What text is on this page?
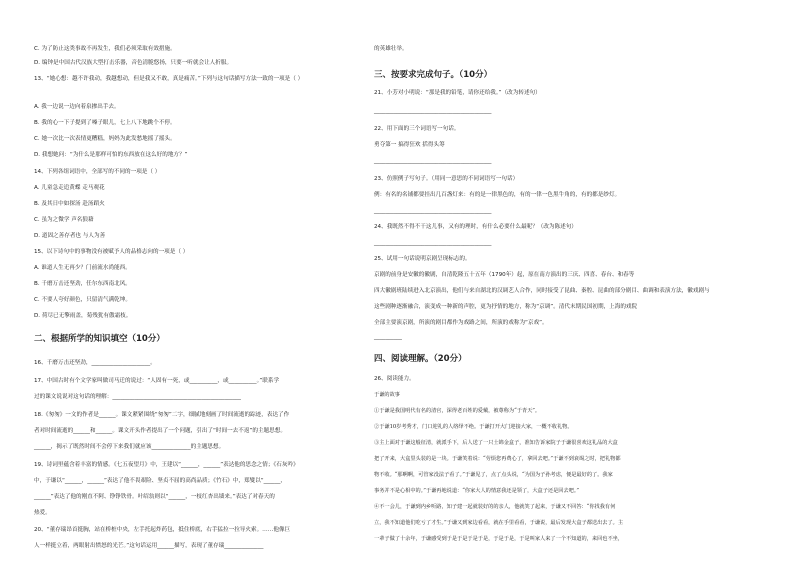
C. 为了防止这类事故不再发生，我们必须采取有效措施。
D. 编钟是中国古代汉族大型打击乐器，音色清脆悠扬，只要一听就会让人折服。
13、“她心想：越不许我动，我越想动，但是我又不敢，真是痛苦。”下列与这句话描写方法一致的一项是（ ）
A. 我一边说一边向着泉掺出手去。
B. 我的心一下子提到了嗓子眼儿，七上八下地跳个不停。
C. 她一次比一次表情更糟糕，妈妈为此发愁地摇了摇头。
D. 我想她问：“为什么是那样可怕的东西放在这么好的地方？”
14、下列各组词语中，全部写的不同的一项是（ ）
A. 儿童急走追黄蝶 走马观花
B. 及其日中如探汤 赴汤蹈火
C. 虽为之微学 声名狼藉
D. 道固之善存者也 与人为善
15、以下诗句中的事物没有被赋予人的品格志向的一项是（ ）
A. 谁道人生无再少？门前流水尚能西。
B. 千磨万击还坚劲，任尔东西南北风。
C. 不要人夸好颜色，只留清气满乾坤。
D. 荷尽已无擎雨盖，菊残犹有傲霜枝。
二、根据所学的知识填空（10分）
16、千磨万击还坚劲，_____________________。
17、中国古时有个文学家叫做司马迁的说过：“人固有一死，或__________，或__________。”联系学
过的课文说说对这句话的理解：______________________________________________
18.《匆匆》一文的作者是______。课文紧紧围绕“匆匆”二字，细腻地刻画了时间流逝的踪迹，表达了作
者对时间流逝的______和______。课文开头作者提出了一个问题，引出了“时间一去不返”的主题思想。
______，揭示了既然时间不会停下来我们就应该______________的主题思想。
19、诗词里蕴含着丰富的情感。《七五夜望月》中，王建以“______，______”表达他的思念之情；《石灰吟》
中，于谦以“______，______”表达了他不畏艰险、坚贞不屈的高尚品质；《竹石》中，郑燮以“______，
______”表达了他的刚直不阿、铮铮铁骨。叶绍翁则以“______，一枝红杏出墙来。”表达了对春天的
热爱。
20、“董存瑞昂首挺胸，站在桥桩中央，左手托起炸药包，抵住桥底，右手猛拉一拉导火索。……他像巨
人一样挺立着，两眼射出愤怒的光芒。”这句话运用______描写，表现了董存瑞______________
的英雄壮举。
三、按要求完成句子。（10分）
21、小芳对小明说：“那是我的铅笔，请你还给我。”（改为转述句）
__________________________________________
22、用下面的三个词语写一句话。
勇夺第一 搞得狂欢 括得头筹
__________________________________________
23、仿照例子写句子。（用同一意思的不同词语写一句话）
例：有名的名铺都要挂出几百盏灯来：有的是一律黑色的，有的一律一色黑牛角的，有的都是纱灯。
__________________________________________
24、我既然不得不干这儿事，又有的理时，有什么必要什么最呢？（改为陈述句）
__________________________________________
25、试用一句话说明京剧呈现标志的。
京剧的前身是安徽的徽剧，自清乾隆五十五年（1790年）起，原在南方演出的三庆、四喜、春台、和春等
四大徽剧班陆续进入北京演出，他们与来自湖北的汉调艺人合作，同时接受了昆曲、秦腔、昆曲的部分剧目、曲调和表演方法，徽戏剧与
这些剧种逐渐融合，演变成一种新的声腔，更为抒情的地方，称为“京调”。清代末期民国初期，上海的戏院
全部主要演京剧，所演的剧目都作为戏路之间，所演的戏称为“京戏”。
__________
四、阅读理解。（20分）
26、阅读能力。
于谦的故事
①于谦是我国明代有名的清官，深得老百姓的爱戴，被尊称为“于青天”。
②于谦10岁考秀才，门口迎礼的人络绎不绝。于谦打开大门迎接大家，一概不收礼物。
③主上面对于谦这般征清，就派手下，后人送了一只土锦金盒子，准知告诉家院子于谦很喜欢这礼品的大盒
把了开来，大盒里头装的是一块。于谦笑着说：“劳烦您再费心了，拿回去吧。”于谦不到衰竭之时，把礼物都
物不收。“那啊啊，可管家没法子看了。”于谦见了，点了点头说，“为国为子孙考虑，便是最好的了。我家
事务并不是心相中的。”于谦再地说道：“你家大人的情意我还是领了，大盒子还是回去吧。”
④不一会儿，于谦到内乡听路，知子建一起就装好的的亲人，他就笑了起来，于谦又不回答：“你找我有何
立，我不知道他们吃亏了才生。”于谦又到家边看看，就在手里看看，于谦说，最后发现大盒子都送出去了。主
一辈子做了十余年，于谦感受到于是于是于是于是，于是于是，于是叫家人来了一个不知道的，来回也不坐，
